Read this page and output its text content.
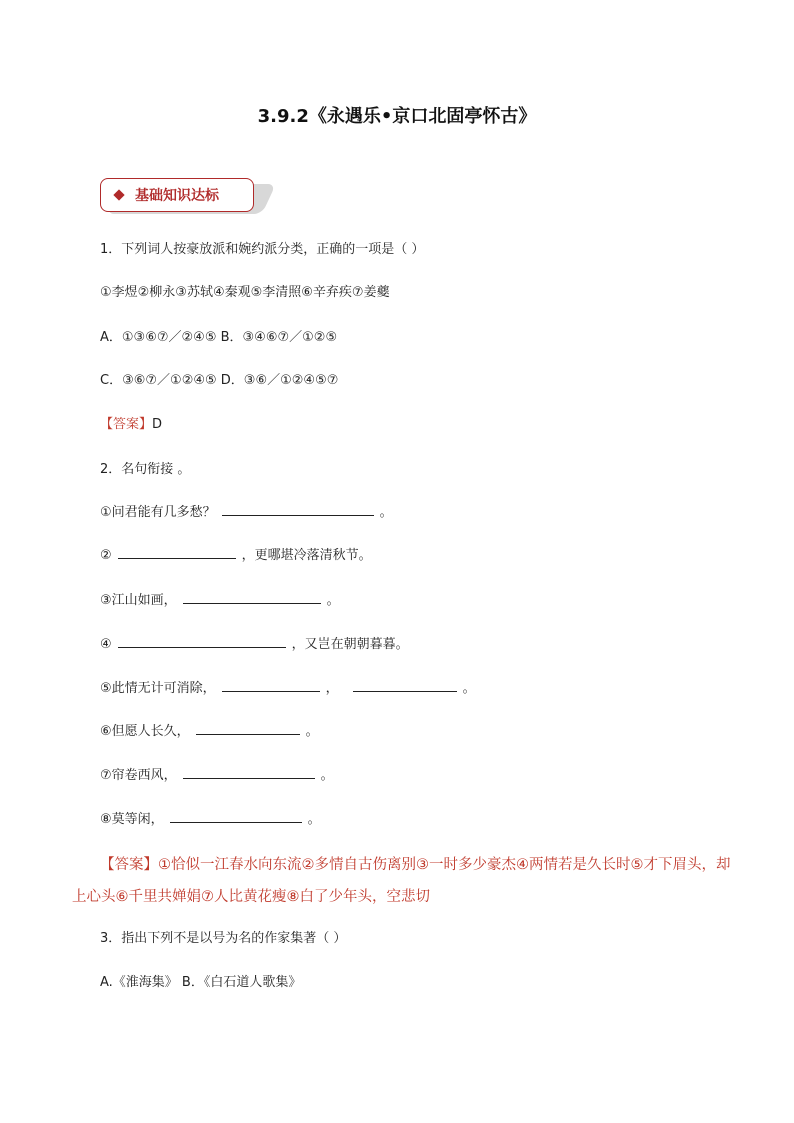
3.9.2《永遇乐•京口北固亭怀古》
基础知识达标
1．下列词人按豪放派和婉约派分类，正确的一项是（ ）
①李煜②柳永③苏轼④秦观⑤李清照⑥辛弃疾⑦姜夔
A．①③⑥⑦／②④⑤ B．③④⑥⑦／①②⑤
C．③⑥⑦／①②④⑤ D．③⑥／①②④⑤⑦
【答案】D
2．名句衔接 。
①问君能有几多愁？	。
②	，更哪堪冷落清秋节。
③江山如画，	。
④	，又岂在朝朝暮暮。
⑤此情无计可消除，	，	。
⑥但愿人长久，	。
⑦帘卷西风，	。
⑧莫等闲，	。
【答案】①恰似一江春水向东流②多情自古伤离别③一时多少豪杰④两情若是久长时⑤才下眉头，却
上心头⑥千里共婵娟⑦人比黄花瘦⑧白了少年头，空悲切
3．指出下列不是以号为名的作家集著（ ）
A.《淮海集》 B．《白石道人歌集》
